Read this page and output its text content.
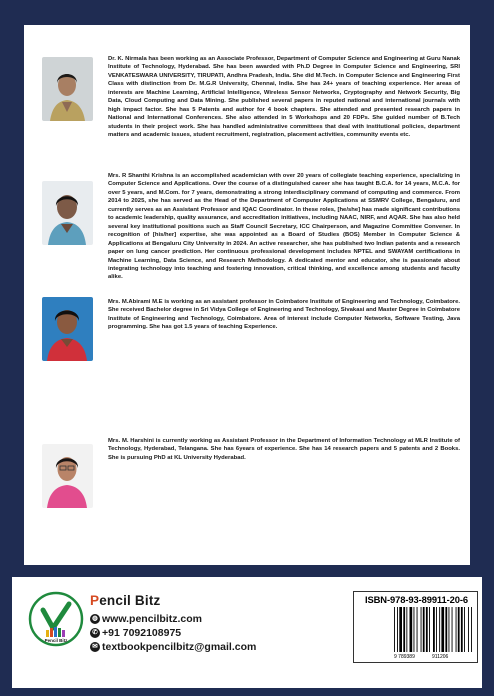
Dr. K. Nirmala has been working as an Associate Professor, Department of Computer Science and Engineering at Guru Nanak Institute of Technology, Hyderabad. She has been awarded with Ph.D Degree in Computer Science and Engineering, SRI VENKATESWARA UNIVERSITY, TIRUPATI, Andhra Pradesh, India. She did M.Tech. in Computer Science and Engineering First Class with distinction from Dr. M.G.R University, Chennai, India. She has 24+ years of teaching experience. Her areas of interests are Machine Learning, Artificial Intelligence, Wireless Sensor Networks, Cryptography and Network Security, Big Data, Cloud Computing and Data Mining. She published several papers in reputed national and international journals with high impact factor. She has 5 Patents and author for 4 book chapters. She attended and presented research papers in National and International Conferences. She also attended in 5 Workshops and 20 FDPs. She guided number of B.Tech students in their project work. She has handled administrative committees that deal with institutional policies, department matters and academic issues, student recruitment, registration, placement activities, community events etc.
Mrs. R Shanthi Krishna is an accomplished academician with over 20 years of collegiate teaching experience, specializing in Computer Science and Applications. Over the course of a distinguished career she has taught B.C.A. for 14 years, M.C.A. for over 5 years, and M.Com. for 7 years, demonstrating a strong interdisciplinary command of computing and commerce. From 2014 to 2025, she has served as the Head of the Department of Computer Applications at SSMRV College, Bengaluru, and currently serves as an Assistant Professor and IQAC Coordinator. In these roles, [he/she] has made significant contributions to academic leadership, quality assurance, and accreditation initiatives, including NAAC, NIRF, and AQAR. She has also held several key institutional positions such as Staff Council Secretary, ICC Chairperson, and Magazine Committee Convener. In recognition of [his/her] expertise, she was appointed as a Board of Studies (BOS) Member in Computer Science & Applications at Bengaluru City University in 2024. An active researcher, she has published two Indian patents and a research paper on lung cancer prediction. Her continuous professional development includes NPTEL and SWAYAM certifications in Machine Learning, Data Science, and Research Methodology. A dedicated mentor and educator, she is passionate about integrating technology into teaching and fostering innovation, critical thinking, and excellence among students and faculty alike.
Mrs. M.Abirami M.E is working as an assistant professor in Coimbatore Institute of Engineering and Technology, Coimbatore. She received Bachelor degree in Sri Vidya College of Engineering and Technology, Sivakasi and Master Degree in Coimbatore Institute of Engineering and Technology, Coimbatore. Area of interest include Computer Networks, Software Testing, Java programming. She has got 1.5 years of teaching Experience.
Mrs. M. Harshini is currently working as Assistant Professor in the Department of Information Technology at MLR Institute of Technology, Hyderabad, Telangana. She has 6years of experience. She has 14 research papers and 5 patents and 2 Books. She is pursuing PhD at KL University Hyderabad.
Pencil Bitz
Pencil Bitz
◍ www.pencilbitz.com
✆ +91 7092108975
✉ textbookpencilbitz@gmail.com
ISBN-978-93-89911-20-6
9 789389	911206
